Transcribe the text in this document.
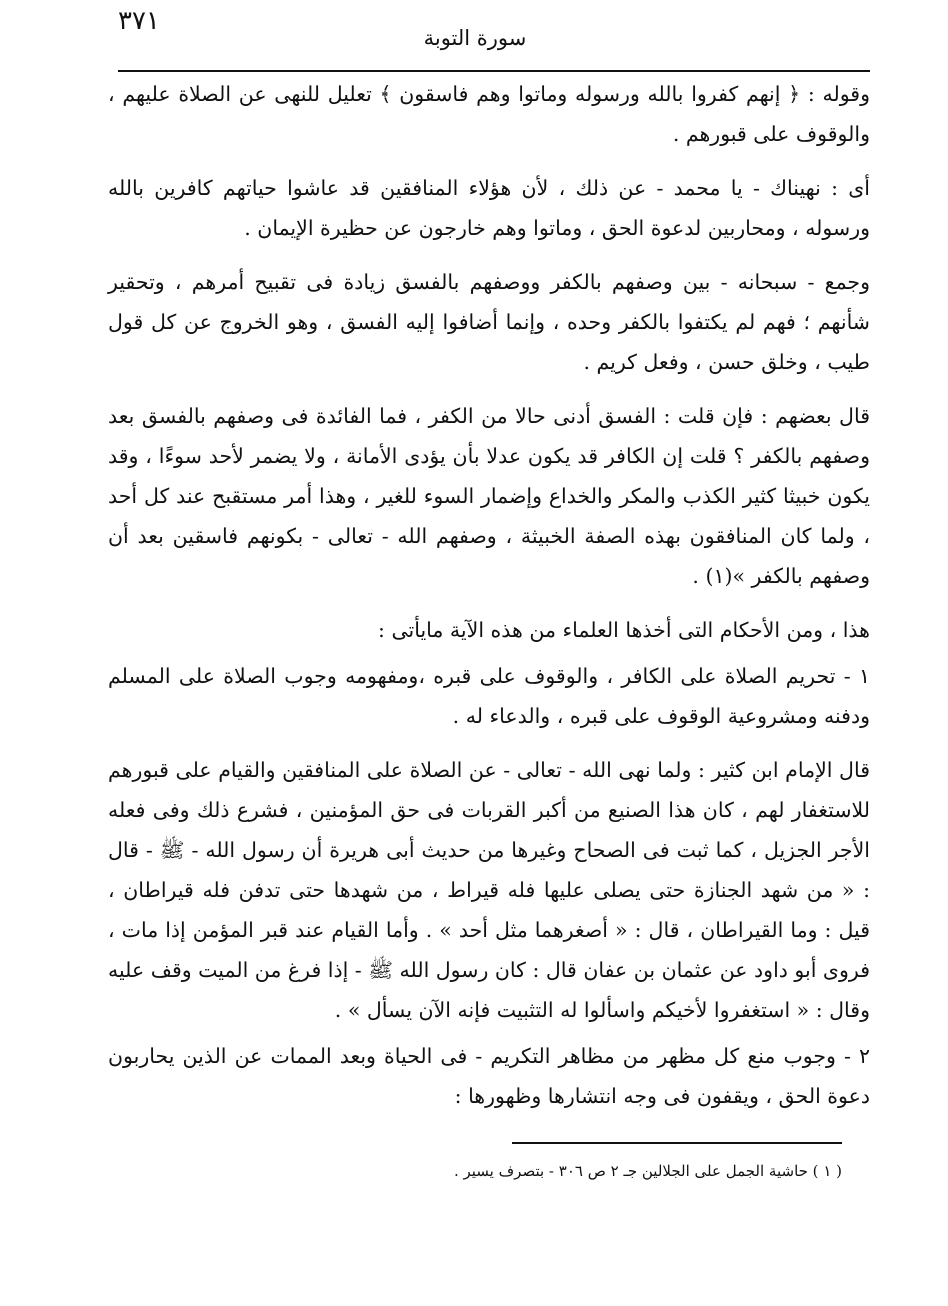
٣٧١
سورة التوبة

وقوله : ﴿ إنهم كفروا بالله ورسوله وماتوا وهم فاسقون ﴾ تعليل للنهى عن الصلاة عليهم ، والوقوف على قبورهم .

أى : نهيناك - يا محمد - عن ذلك ، لأن هؤلاء المنافقين قد عاشوا حياتهم كافرين بالله ورسوله ، ومحاربين لدعوة الحق ، وماتوا وهم خارجون عن حظيرة الإيمان .

وجمع - سبحانه - بين وصفهم بالكفر ووصفهم بالفسق زيادة فى تقبيح أمرهم ، وتحقير شأنهم ؛ فهم لم يكتفوا بالكفر وحده ، وإنما أضافوا إليه الفسق ، وهو الخروج عن كل قول طيب ، وخلق حسن ، وفعل كريم .

قال بعضهم : فإن قلت : الفسق أدنى حالا من الكفر ، فما الفائدة فى وصفهم بالفسق بعد وصفهم بالكفر ؟ قلت إن الكافر قد يكون عدلا بأن يؤدى الأمانة ، ولا يضمر لأحد سوءًا ، وقد يكون خبيثا كثير الكذب والمكر والخداع وإضمار السوء للغير ، وهذا أمر مستقبح عند كل أحد ، ولما كان المنافقون بهذه الصفة الخبيثة ، وصفهم الله - تعالى - بكونهم فاسقين بعد أن وصفهم بالكفر »(١) .

هذا ، ومن الأحكام التى أخذها العلماء من هذه الآية مايأتى :

١ - تحريم الصلاة على الكافر ، والوقوف على قبره ،ومفهومه وجوب الصلاة على المسلم ودفنه ومشروعية الوقوف على قبره ، والدعاء له .

قال الإمام ابن كثير : ولما نهى الله - تعالى - عن الصلاة على المنافقين والقيام على قبورهم للاستغفار لهم ، كان هذا الصنيع من أكبر القربات فى حق المؤمنين ، فشرع ذلك وفى فعله الأجر الجزيل ، كما ثبت فى الصحاح وغيرها من حديث أبى هريرة أن رسول الله - ﷺ - قال : « من شهد الجنازة حتى يصلى عليها فله قيراط ، من شهدها حتى تدفن فله قيراطان ، قيل : وما القيراطان ، قال : « أصغرهما مثل أحد » . وأما القيام عند قبر المؤمن إذا مات ، فروى أبو داود عن عثمان بن عفان قال : كان رسول الله ﷺ - إذا فرغ من الميت وقف عليه وقال : « استغفروا لأخيكم واسألوا له التثبيت فإنه الآن يسأل » .

٢ - وجوب منع كل مظهر من مظاهر التكريم - فى الحياة وبعد الممات عن الذين يحاربون دعوة الحق ، ويقفون فى وجه انتشارها وظهورها :

( ١ ) حاشية الجمل على الجلالين جـ ٢ ص ٣٠٦ - بتصرف يسير .
